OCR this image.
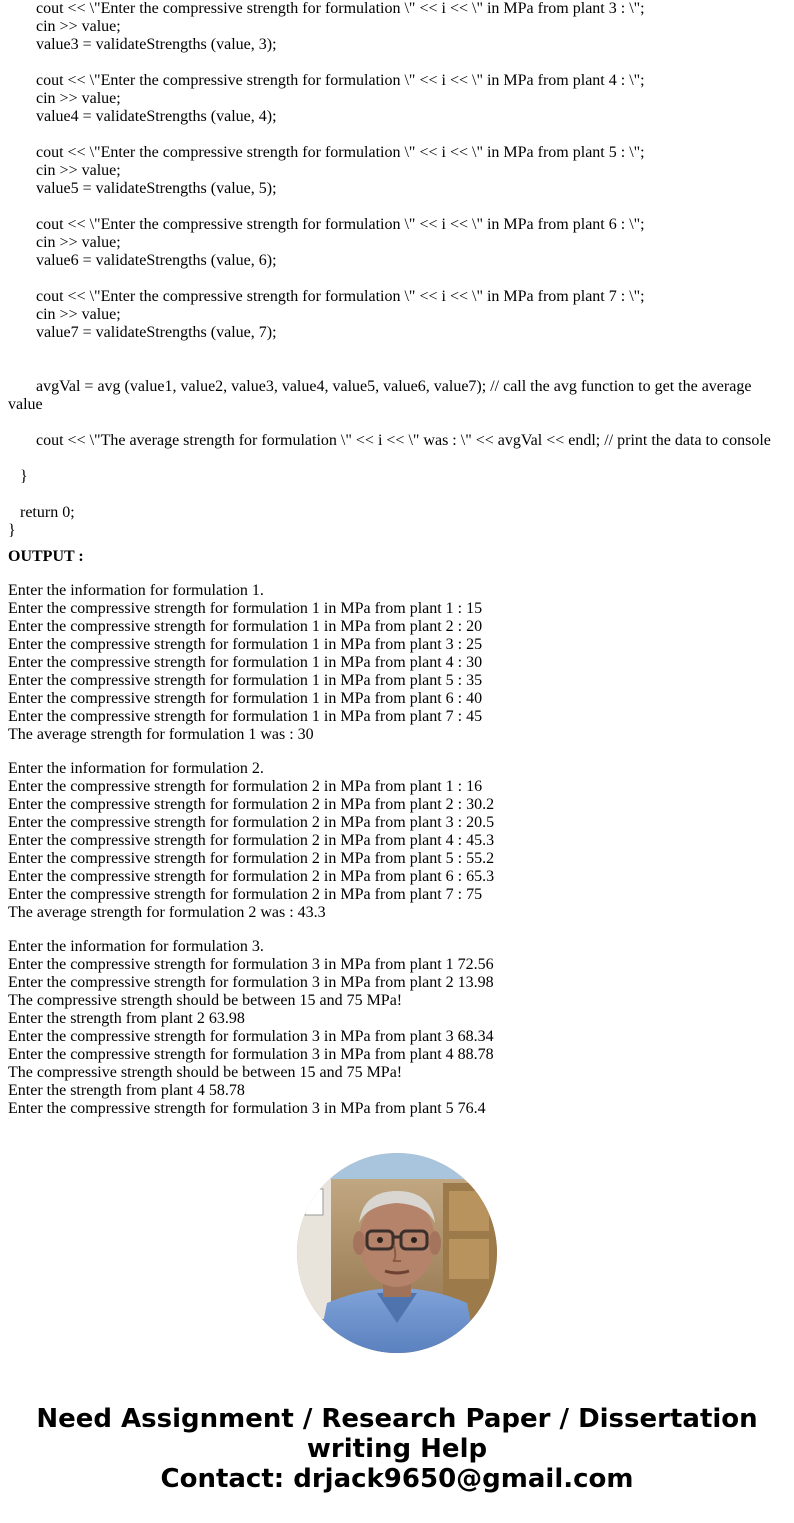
cout << \"Enter the compressive strength for formulation \" << i << \" in MPa from plant 3 : \";
cin >> value;
value3 = validateStrengths (value, 3);
cout << \"Enter the compressive strength for formulation \" << i << \" in MPa from plant 4 : \";
cin >> value;
value4 = validateStrengths (value, 4);
cout << \"Enter the compressive strength for formulation \" << i << \" in MPa from plant 5 : \";
cin >> value;
value5 = validateStrengths (value, 5);
cout << \"Enter the compressive strength for formulation \" << i << \" in MPa from plant 6 : \";
cin >> value;
value6 = validateStrengths (value, 6);
cout << \"Enter the compressive strength for formulation \" << i << \" in MPa from plant 7 : \";
cin >> value;
value7 = validateStrengths (value, 7);
avgVal = avg (value1, value2, value3, value4, value5, value6, value7); // call the avg function to get the average value
cout << \"The average strength for formulation \" << i << \" was : \" << avgVal << endl; // print the data to console
}
return 0;
}
OUTPUT :
Enter the information for formulation 1.
Enter the compressive strength for formulation 1 in MPa from plant 1 : 15
Enter the compressive strength for formulation 1 in MPa from plant 2 : 20
Enter the compressive strength for formulation 1 in MPa from plant 3 : 25
Enter the compressive strength for formulation 1 in MPa from plant 4 : 30
Enter the compressive strength for formulation 1 in MPa from plant 5 : 35
Enter the compressive strength for formulation 1 in MPa from plant 6 : 40
Enter the compressive strength for formulation 1 in MPa from plant 7 : 45
The average strength for formulation 1 was : 30
Enter the information for formulation 2.
Enter the compressive strength for formulation 2 in MPa from plant 1 : 16
Enter the compressive strength for formulation 2 in MPa from plant 2 : 30.2
Enter the compressive strength for formulation 2 in MPa from plant 3 : 20.5
Enter the compressive strength for formulation 2 in MPa from plant 4 : 45.3
Enter the compressive strength for formulation 2 in MPa from plant 5 : 55.2
Enter the compressive strength for formulation 2 in MPa from plant 6 : 65.3
Enter the compressive strength for formulation 2 in MPa from plant 7 : 75
The average strength for formulation 2 was : 43.3
Enter the information for formulation 3.
Enter the compressive strength for formulation 3 in MPa from plant 1 72.56
Enter the compressive strength for formulation 3 in MPa from plant 2 13.98
The compressive strength should be between 15 and 75 MPa!
Enter the strength from plant 2 63.98
Enter the compressive strength for formulation 3 in MPa from plant 3 68.34
Enter the compressive strength for formulation 3 in MPa from plant 4 88.78
The compressive strength should be between 15 and 75 MPa!
Enter the strength from plant 4 58.78
Enter the compressive strength for formulation 3 in MPa from plant 5 76.4
Need Assignment / Research Paper / Dissertation writing Help
Contact: drjack9650@gmail.com
